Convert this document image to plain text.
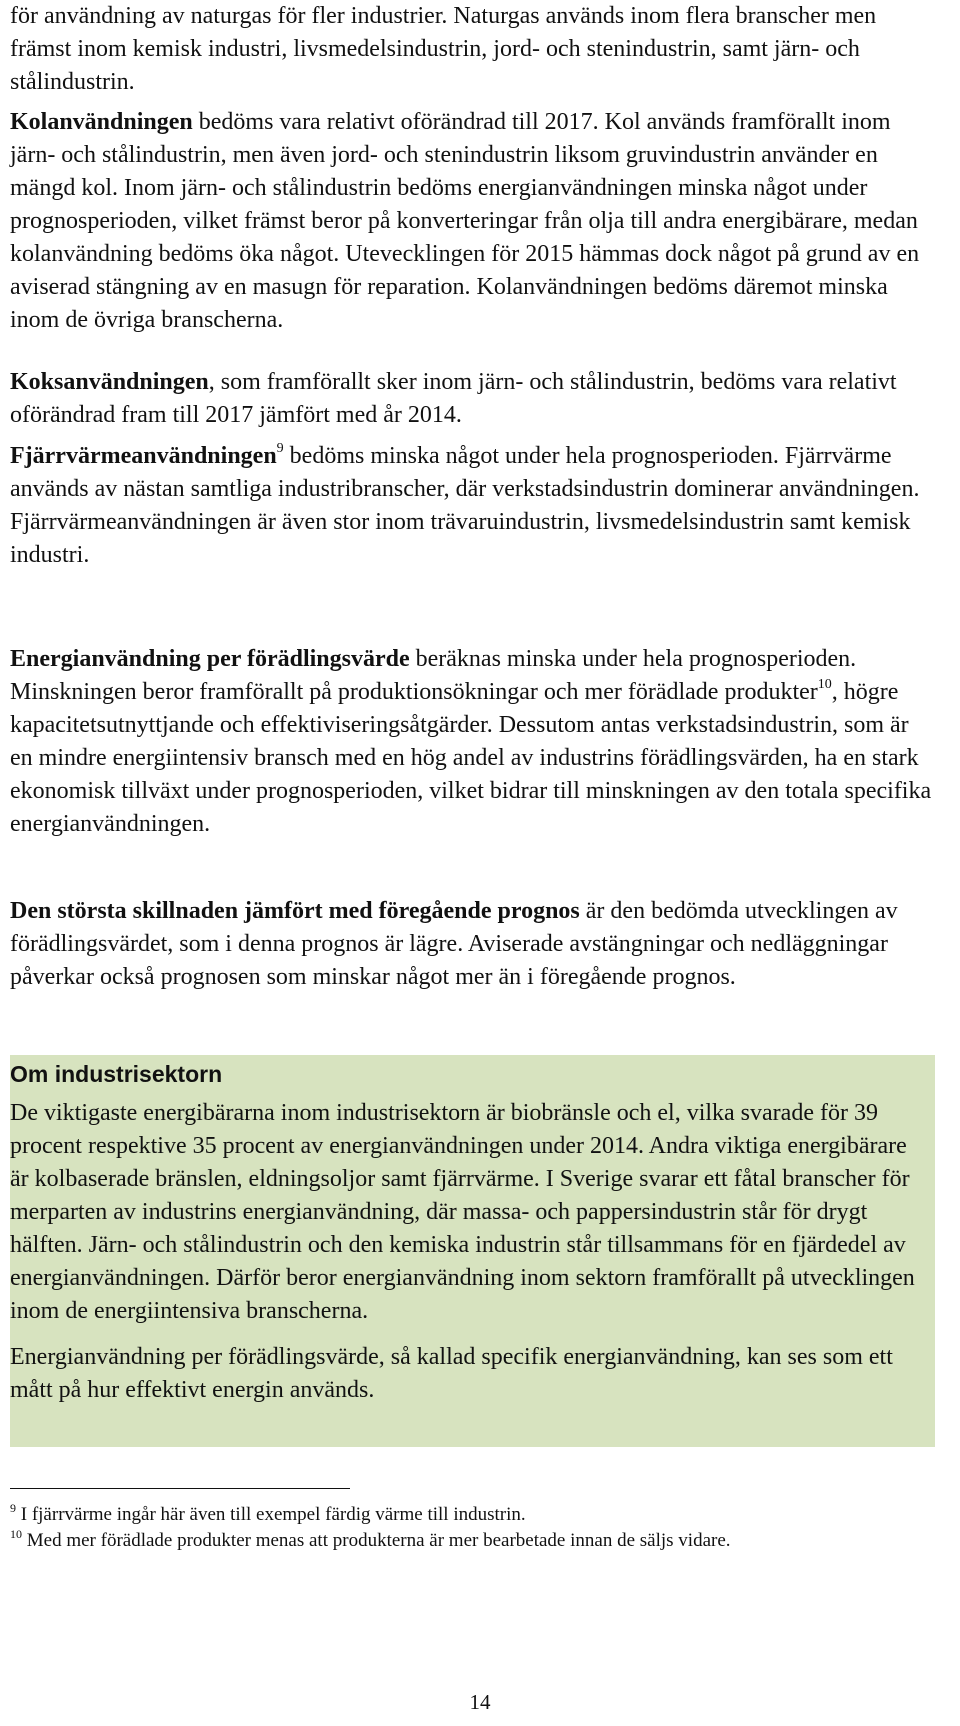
för användning av naturgas för fler industrier. Naturgas används inom flera branscher men främst inom kemisk industri, livsmedelsindustrin, jord- och stenindustrin, samt järn- och stålindustrin.

Kolanvändningen bedöms vara relativt oförändrad till 2017. Kol används framförallt inom järn- och stålindustrin, men även jord- och stenindustrin liksom gruvindustrin använder en mängd kol. Inom järn- och stålindustrin bedöms energianvändningen minska något under prognosperioden, vilket främst beror på konverteringar från olja till andra energibärare, medan kolanvändning bedöms öka något. Utevecklingen för 2015 hämmas dock något på grund av en aviserad stängning av en masugn för reparation. Kolanvändningen bedöms däremot minska inom de övriga branscherna.

Koksanvändningen, som framförallt sker inom järn- och stålindustrin, bedöms vara relativt oförändrad fram till 2017 jämfört med år 2014.

Fjärrvärmeanvändningen$^9$ bedöms minska något under hela prognosperioden. Fjärrvärme används av nästan samtliga industribranscher, där verkstadsindustrin dominerar användningen. Fjärrvärmeanvändningen är även stor inom trävaruindustrin, livsmedelsindustrin samt kemisk industri.

Energianvändning per förädlingsvärde beräknas minska under hela prognosperioden. Minskningen beror framförallt på produktionsökningar och mer förädlade produkter$^{10}$, högre kapacitetsutnyttjande och effektiviseringsåtgärder. Dessutom antas verkstadsindustrin, som är en mindre energiintensiv bransch med en hög andel av industrins förädlingsvärden, ha en stark ekonomisk tillväxt under prognosperioden, vilket bidrar till minskningen av den totala specifika energianvändningen.

Den största skillnaden jämfört med föregående prognos är den bedömda utvecklingen av förädlingsvärdet, som i denna prognos är lägre. Aviserade avstängningar och nedläggningar påverkar också prognosen som minskar något mer än i föregående prognos.

Om industrisektorn

De viktigaste energibärarna inom industrisektorn är biobränsle och el, vilka svarade för 39 procent respektive 35 procent av energianvändningen under 2014. Andra viktiga energibärare är kolbaserade bränslen, eldningsoljor samt fjärrvärme. I Sverige svarar ett fåtal branscher för merparten av industrins energianvändning, där massa- och pappersindustrin står för drygt hälften. Järn- och stålindustrin och den kemiska industrin står tillsammans för en fjärdedel av energianvändningen. Därför beror energianvändning inom sektorn framförallt på utvecklingen inom de energiintensiva branscherna.

Energianvändning per förädlingsvärde, så kallad specifik energianvändning, kan ses som ett mått på hur effektivt energin används.

$^9$ I fjärrvärme ingår här även till exempel färdig värme till industrin.

$^{10}$ Med mer förädlade produkter menas att produkterna är mer bearbetade innan de säljs vidare.

14
